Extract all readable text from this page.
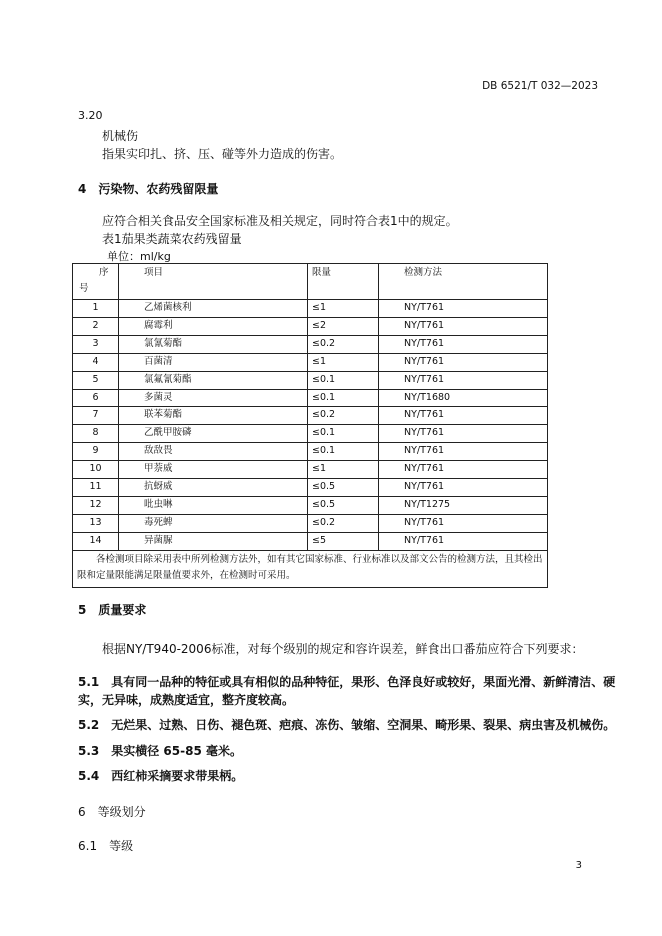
DB 6521/T 032—2023
3.20
机械伤
指果实印扎、挤、压、碰等外力造成的伤害。
4　污染物、农药残留限量
应符合相关食品安全国家标准及相关规定，同时符合表1中的规定。
表1茄果类蔬菜农药残留量
单位：ml/kg
序
号	项目	限量	检测方法
1	乙烯菌核利	≤1	NY/T761
2	腐霉利	≤2	NY/T761
3	氯氰菊酯	≤0.2	NY/T761
4	百菌清	≤1	NY/T761
5	氯氟氰菊酯	≤0.1	NY/T761
6	多菌灵	≤0.1	NY/T1680
7	联苯菊酯	≤0.2	NY/T761
8	乙酰甲胺磷	≤0.1	NY/T761
9	敌敌畏	≤0.1	NY/T761
10	甲萘威	≤1	NY/T761
11	抗蚜威	≤0.5	NY/T761
12	吡虫啉	≤0.5	NY/T1275
13	毒死蜱	≤0.2	NY/T761
14	异菌脲	≤5	NY/T761
各检测项目除采用表中所列检测方法外，如有其它国家标准、行业标准以及部文公告的检测方法，且其检出限和定量限能满足限量值要求外，在检测时可采用。			
5　质量要求
根据NY/T940-2006标准，对每个级别的规定和容许误差，鲜食出口番茄应符合下列要求：
5.1　具有同一品种的特征或具有相似的品种特征，果形、色泽良好或较好，果面光滑、新鲜清洁、硬
实，无异味，成熟度适宜，整齐度较高。
5.2　无烂果、过熟、日伤、褪色斑、疤痕、冻伤、皱缩、空洞果、畸形果、裂果、病虫害及机械伤。
5.3　果实横径 65-85 毫米。
5.4　西红柿采摘要求带果柄。
6　等级划分
6.1　等级
3
